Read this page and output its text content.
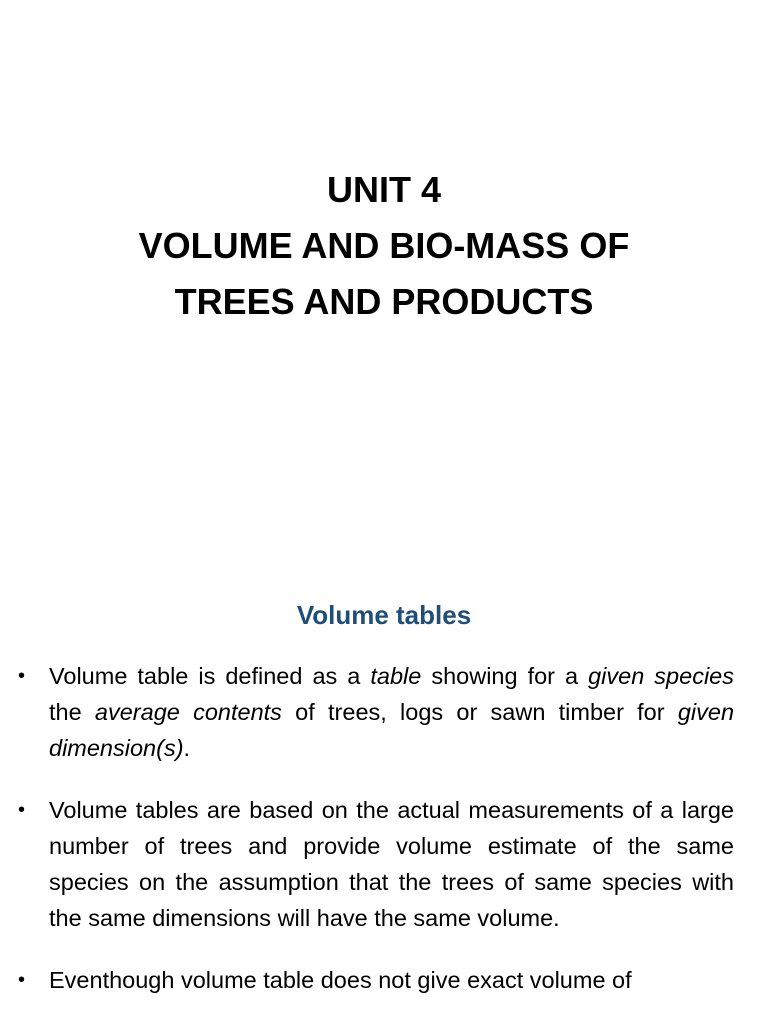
UNIT 4
VOLUME AND BIO-MASS OF
TREES AND PRODUCTS
Volume tables
• Volume table is defined as a table showing for a given species the average contents of trees, logs or sawn timber for given dimension(s).
• Volume tables are based on the actual measurements of a large number of trees and provide volume estimate of the same species on the assumption that the trees of same species with the same dimensions will have the same volume.
• Eventhough volume table does not give exact volume of
